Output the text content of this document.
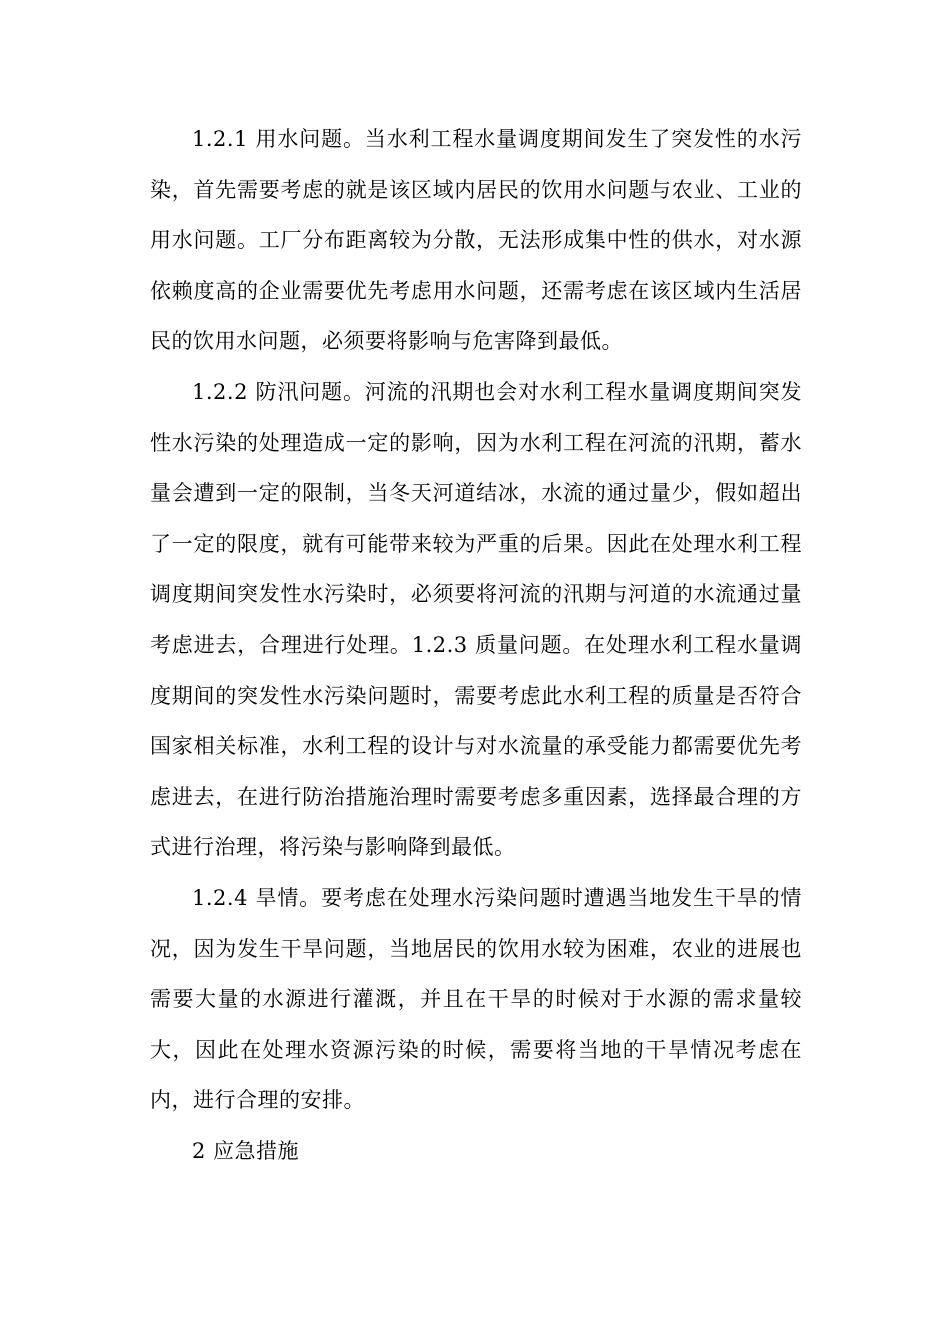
1.2.1 用水问题。当水利工程水量调度期间发生了突发性的水污染，首先需要考虑的就是该区域内居民的饮用水问题与农业、工业的用水问题。工厂分布距离较为分散，无法形成集中性的供水，对水源依赖度高的企业需要优先考虑用水问题，还需考虑在该区域内生活居民的饮用水问题，必须要将影响与危害降到最低。

1.2.2 防汛问题。河流的汛期也会对水利工程水量调度期间突发性水污染的处理造成一定的影响，因为水利工程在河流的汛期，蓄水量会遭到一定的限制，当冬天河道结冰，水流的通过量少，假如超出了一定的限度，就有可能带来较为严重的后果。因此在处理水利工程调度期间突发性水污染时，必须要将河流的汛期与河道的水流通过量考虑进去，合理进行处理。1.2.3 质量问题。在处理水利工程水量调度期间的突发性水污染问题时，需要考虑此水利工程的质量是否符合国家相关标准，水利工程的设计与对水流量的承受能力都需要优先考虑进去，在进行防治措施治理时需要考虑多重因素，选择最合理的方式进行治理，将污染与影响降到最低。

1.2.4 旱情。要考虑在处理水污染问题时遭遇当地发生干旱的情况，因为发生干旱问题，当地居民的饮用水较为困难，农业的进展也需要大量的水源进行灌溉，并且在干旱的时候对于水源的需求量较大，因此在处理水资源污染的时候，需要将当地的干旱情况考虑在内，进行合理的安排。

2 应急措施
